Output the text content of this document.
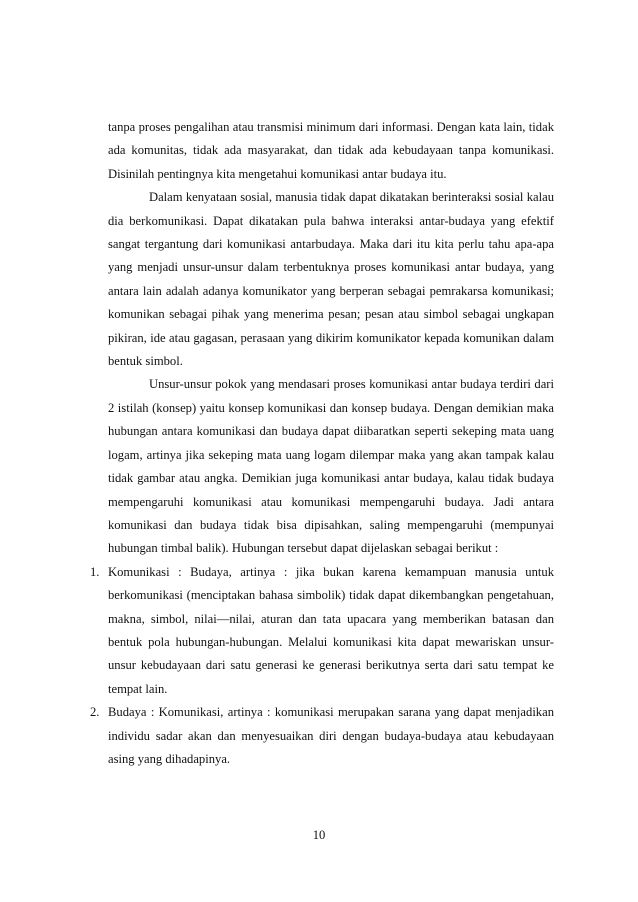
tanpa proses pengalihan atau transmisi minimum dari informasi. Dengan kata lain, tidak ada komunitas, tidak ada masyarakat, dan tidak ada kebudayaan tanpa komunikasi. Disinilah pentingnya kita mengetahui komunikasi antar budaya itu.

Dalam kenyataan sosial, manusia tidak dapat dikatakan berinteraksi sosial kalau dia berkomunikasi. Dapat dikatakan pula bahwa interaksi antar-budaya yang efektif sangat tergantung dari komunikasi antarbudaya. Maka dari itu kita perlu tahu apa-apa yang menjadi unsur-unsur dalam terbentuknya proses komunikasi antar budaya, yang antara lain adalah adanya komunikator yang berperan sebagai pemrakarsa komunikasi; komunikan sebagai pihak yang menerima pesan; pesan atau simbol sebagai ungkapan pikiran, ide atau gagasan, perasaan yang dikirim komunikator kepada komunikan dalam bentuk simbol.

Unsur-unsur pokok yang mendasari proses komunikasi antar budaya terdiri dari 2 istilah (konsep) yaitu konsep komunikasi dan konsep budaya. Dengan demikian maka hubungan antara komunikasi dan budaya dapat diibaratkan seperti sekeping mata uang logam, artinya jika sekeping mata uang logam dilempar maka yang akan tampak kalau tidak gambar atau angka. Demikian juga komunikasi antar budaya, kalau tidak budaya mempengaruhi komunikasi atau komunikasi mempengaruhi budaya. Jadi antara komunikasi dan budaya tidak bisa dipisahkan, saling mempengaruhi (mempunyai hubungan timbal balik). Hubungan tersebut dapat dijelaskan sebagai berikut :

1. Komunikasi : Budaya, artinya : jika bukan karena kemampuan manusia untuk berkomunikasi (menciptakan bahasa simbolik) tidak dapat dikembangkan pengetahuan, makna, simbol, nilai—nilai, aturan dan tata upacara yang memberikan batasan dan bentuk pola hubungan-hubungan. Melalui komunikasi kita dapat mewariskan unsur-unsur kebudayaan dari satu generasi ke generasi berikutnya serta dari satu tempat ke tempat lain.
2. Budaya : Komunikasi, artinya : komunikasi merupakan sarana yang dapat menjadikan individu sadar akan dan menyesuaikan diri dengan budaya-budaya atau kebudayaan asing yang dihadapinya.
10
